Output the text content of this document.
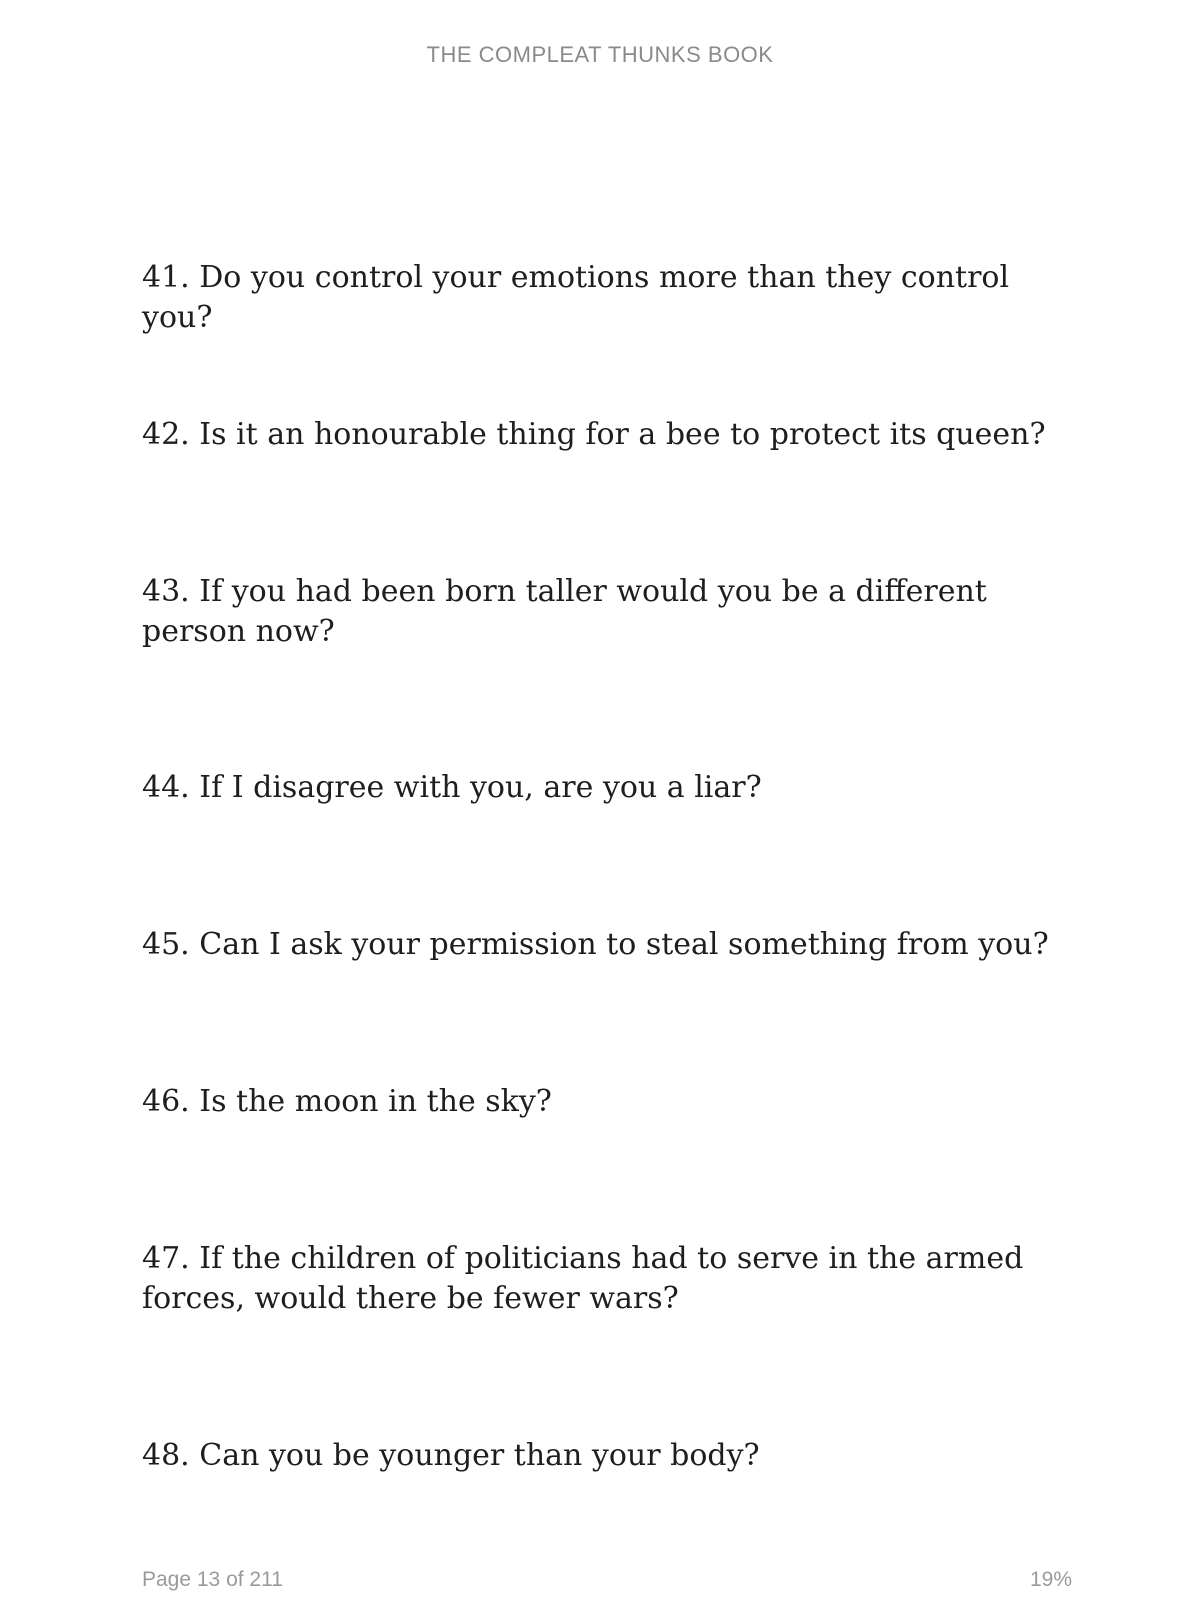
THE COMPLEAT THUNKS BOOK

41. Do you control your emotions more than they control you?

42. Is it an honourable thing for a bee to protect its queen?

43. If you had been born taller would you be a different person now?

44. If I disagree with you, are you a liar?

45. Can I ask your permission to steal something from you?

46. Is the moon in the sky?

47. If the children of politicians had to serve in the armed forces, would there be fewer wars?

48. Can you be younger than your body?

Page 13 of 211	19%
